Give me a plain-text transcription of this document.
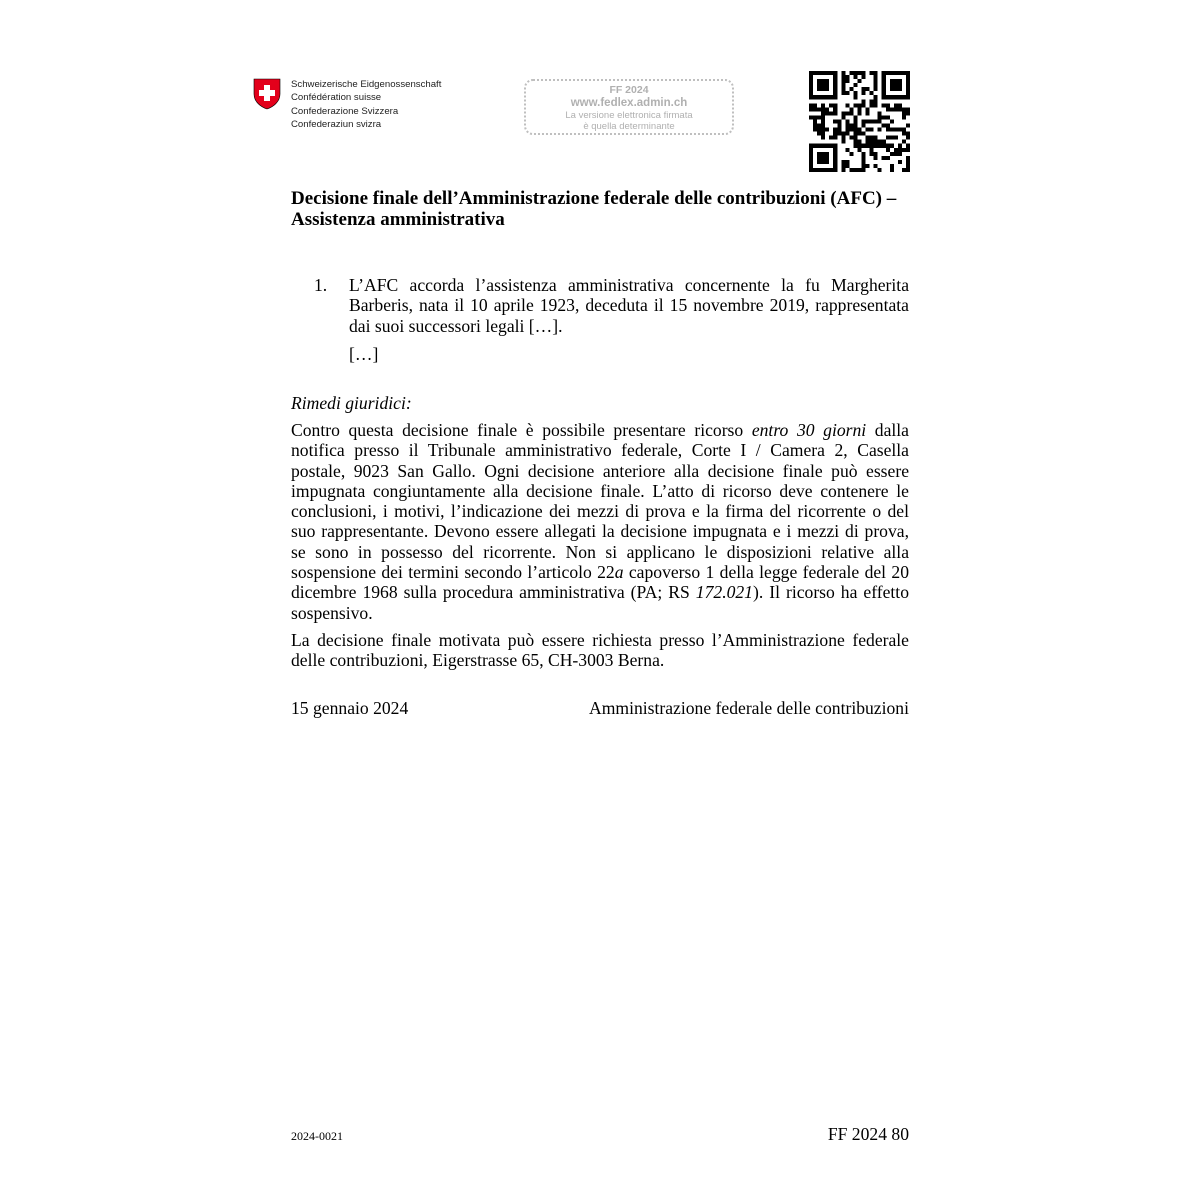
Schweizerische Eidgenossenschaft
Confédération suisse
Confederazione Svizzera
Confederaziun svizra
FF 2024
www.fedlex.admin.ch
La versione elettronica firmata
è quella determinante
Decisione finale dell’Amministrazione federale delle contribuzioni (AFC) – Assistenza amministrativa
1. L’AFC accorda l’assistenza amministrativa concernente la fu Margherita Barberis, nata il 10 aprile 1923, deceduta il 15 novembre 2019, rappresentata dai suoi successori legali […].
[…]
Rimedi giuridici:

Contro questa decisione finale è possibile presentare ricorso entro 30 giorni dalla notifica presso il Tribunale amministrativo federale, Corte I / Camera 2, Casella postale, 9023 San Gallo. Ogni decisione anteriore alla decisione finale può essere impugnata congiuntamente alla decisione finale. L’atto di ricorso deve contenere le conclusioni, i motivi, l’indicazione dei mezzi di prova e la firma del ricorrente o del suo rappresentante. Devono essere allegati la decisione impugnata e i mezzi di prova, se sono in possesso del ricorrente. Non si applicano le disposizioni relative alla sospensione dei termini secondo l’articolo 22a capoverso 1 della legge federale del 20 dicembre 1968 sulla procedura amministrativa (PA; RS 172.021). Il ricorso ha effetto sospensivo.

La decisione finale motivata può essere richiesta presso l’Amministrazione federale delle contribuzioni, Eigerstrasse 65, CH-3003 Berna.

15 gennaio 2024	Amministrazione federale delle contribuzioni
2024-0021	FF 2024 80
